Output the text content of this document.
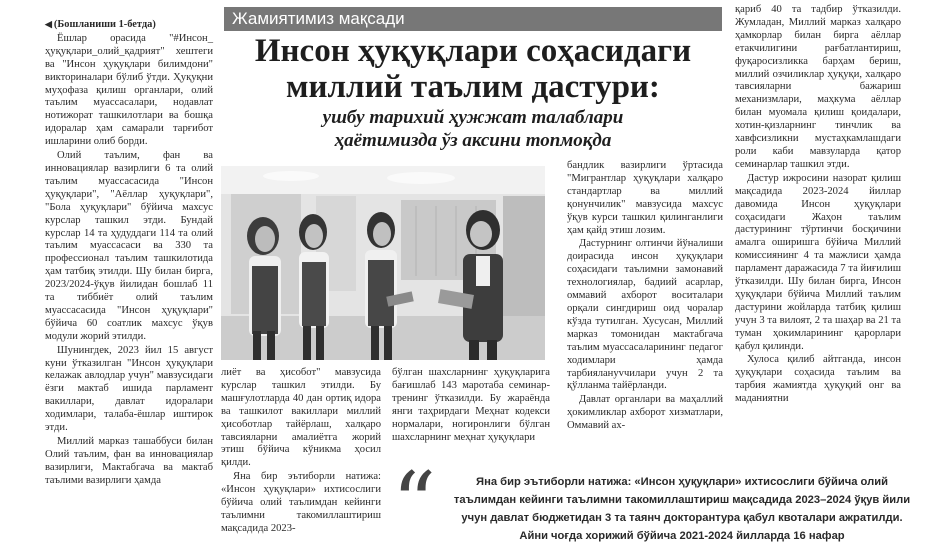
◀ (Бошланиши 1-бетда)

Ёшлар орасида "#Инсон_ ҳуқуқлари_олий_қадрият" хештеги ва "Инсон ҳуқуқлари билимдони" викториналари бўлиб ўтди. Ҳуқуқни муҳофаза қилиш органлари, олий таълим муассасалари, нодавлат нотижорат ташкилотлари ва бошқа идоралар ҳам самарали тарғибот ишларини олиб борди.

Олий таълим, фан ва инновациялар вазирлиги 6 та олий таълим муассасасида "Инсон ҳуқуқлари", "Аёллар ҳуқуқлари", "Бола ҳуқуқлари" бўйича махсус курслар ташкил этди. Бундай курслар 14 та ҳудуддаги 114 та олий таълим муассасаси ва 330 та профессионал таълим ташкилотида ҳам татбиқ этилди. Шу билан бирга, 2023/2024-ўқув йилидан бошлаб 11 та тиббиёт олий таълим муассасасида "Инсон ҳуқуқлари" бўйича 60 соатлик махсус ўқув модули жорий этилди.

Шунингдек, 2023 йил 15 август куни ўтказилган "Инсон ҳуқуқлари келажак авлодлар учун" мавзусидаги ёзги мактаб ишида парламент вакиллари, давлат идоралари ходимлари, талаба-ёшлар иштирок этди.

Миллий марказ ташаббуси билан Олий таълим, фан ва инновациялар вазирлиги, Мактабгача ва мактаб таълими вазирлиги ҳамда

Жамиятимиз мақсади
Инсон ҳуқуқлари соҳасидаги
миллий таълим дастури:
ушбу тарихий ҳужжат талаблари
ҳаётимизда ўз аксини топмоқда

лиёт ва ҳисобот" мавзусида курслар ташкил этилди. Бу машғулотларда 40 дан ортиқ идора ва ташкилот вакиллари миллий ҳисоботлар тайёрлаш, халқаро тавсияларни амалиётга жорий этиш бўйича кўникма ҳосил қилди.

Яна бир эътиборли натижа: «Инсон ҳуқуқлари» ихтисослиги бўйича олий таълимдан кейинги таълимни такомиллаштириш мақсадида 2023-

бўлган шахсларнинг ҳуқуқларига бағишлаб 143 маротаба семинар-тренинг ўтказилди. Бу жараёнда янги таҳрирдаги Меҳнат кодекси нормалари, ногиронлиги бўлган шахсларнинг меҳнат ҳуқуқлари

бандлик вазирлиги ўртасида "Мигрантлар ҳуқуқлари халқаро стандартлар ва миллий қонунчилик" мавзусида махсус ўқув курси ташкил қилинганлиги ҳам қайд этиш лозим.

Дастурнинг олтинчи йўналиши доирасида инсон ҳуқуқлари соҳасидаги таълимни замонавий технологиялар, бадиий асарлар, оммавий ахборот воситалари орқали сингдириш оид чоралар кўзда тутилган. Хусусан, Миллий марказ томонидан мактабгача таълим муассасаларининг педагог ходимлари ҳамда тарбиялануvчилари учун 2 та қўлланма тайёрланди.

Давлат органлари ва маҳаллий ҳокимликлар ахборот хизматлари, Оммавий ах-

қариб 40 та тадбир ўтказилди. Жумладан, Миллий марказ халқаро ҳамкорлар билан бирга аёллар етакчилигини рағбатлантириш, фуқаросизликка барҳам бериш, миллий озчиликлар ҳуқуқи, халқаро тавсияларни бажариш механизмлари, маҳкума аёллар билан муомала қилиш қоидалари, хотин-қизларнинг тинчлик ва хавфсизликни мустаҳкамлашдаги роли каби мавзуларда қатор семинарлар ташкил этди.

Дастур ижросини назорат қилиш мақсадида 2023-2024 йиллар давомида Инсон ҳуқуқлари соҳасидаги Жаҳон таълим дастурининг тўртинчи босқичини амалга оширишга бўйича Миллий комиссиянинг 4 та мажлиси ҳамда парламент даражасида 7 та йиғилиш ўтказилди. Шу билан бирга, Инсон ҳуқуқлари бўйича Миллий таълим дастурини жойларда татбиқ қилиш учун 3 та вилоят, 2 та шаҳар ва 21 та туман ҳокимларининг қарорлари қабул қилинди.

Хулоса қилиб айтганда, инсон ҳуқуқлари соҳасида таълим ва тарбия жамиятда ҳуқуқий онг ва маданиятни

“	Яна бир эътиборли натижа: «Инсон ҳуқуқлари» ихтисослиги бўйича олий таълимдан кейинги таълимни такомиллаштириш мақсадида 2023–2024 ўқув йили учун давлат бюджетидан 3 та таянч докторантура қабул квоталари ажратилди. Айни чоғда хорижий бўйича 2021-2024 йилларда 16 нафар
